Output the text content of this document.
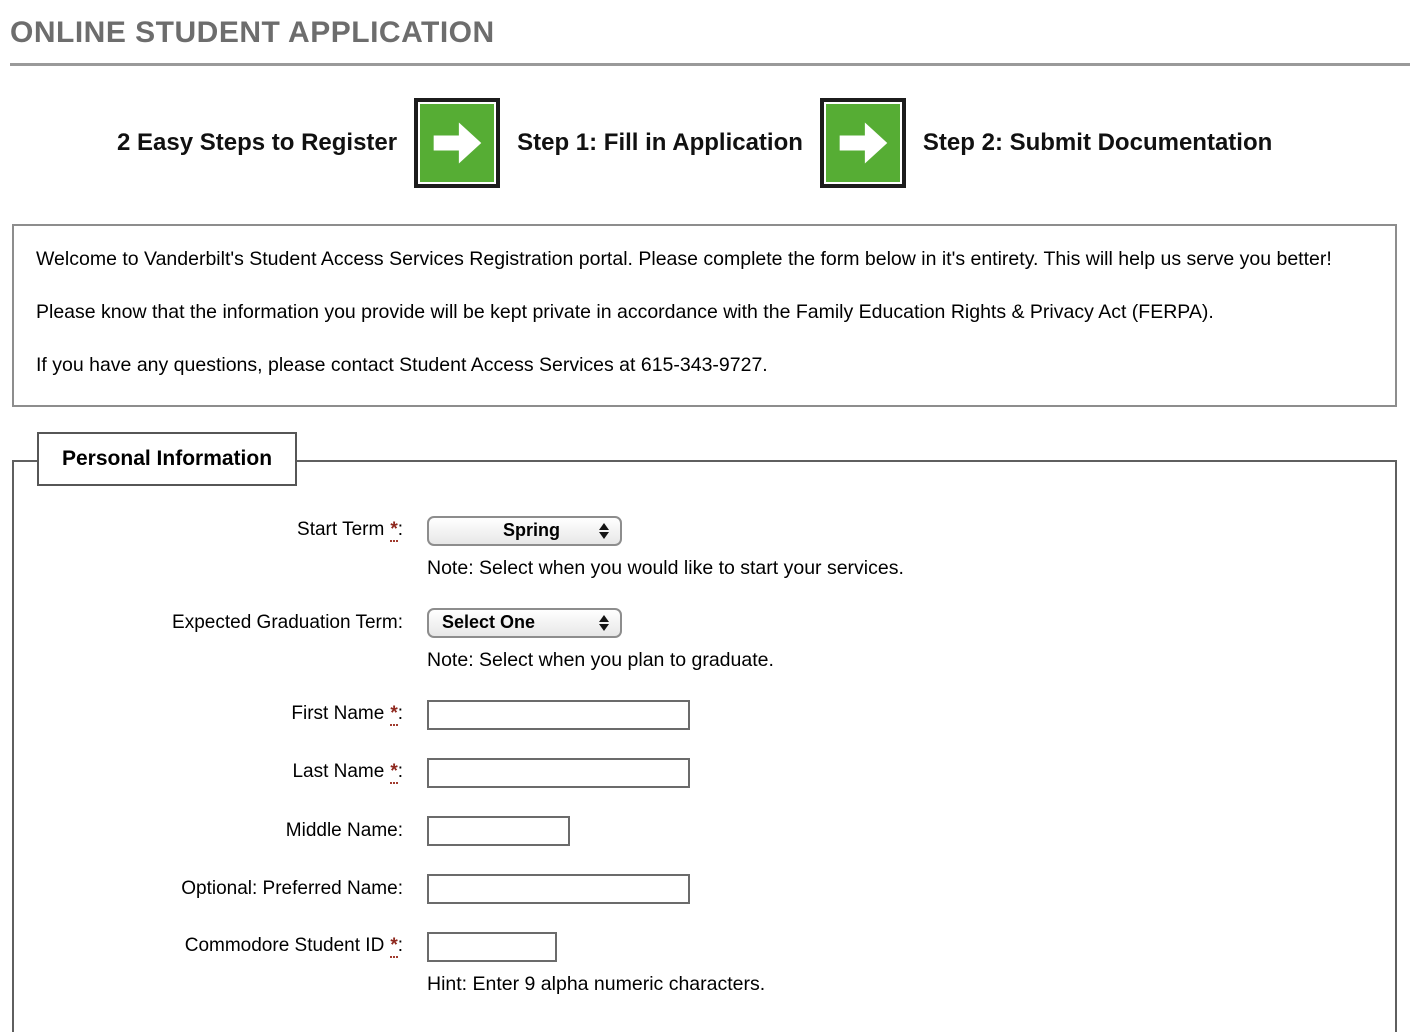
ONLINE STUDENT APPLICATION
2 Easy Steps to Register	Step 1: Fill in Application	Step 2: Submit Documentation

Welcome to Vanderbilt's Student Access Services Registration portal. Please complete the form below in it's entirety. This will help us serve you better!

Please know that the information you provide will be kept private in accordance with the Family Education Rights & Privacy Act (FERPA).

If you have any questions, please contact Student Access Services at 615-343-9727.

Personal Information
Start Term *:	Spring
Note: Select when you would like to start your services.
Expected Graduation Term: Select One
Note: Select when you plan to graduate.
First Name *:
Last Name *:
Middle Name:
Optional: Preferred Name:
Commodore Student ID *:
Hint: Enter 9 alpha numeric characters.
